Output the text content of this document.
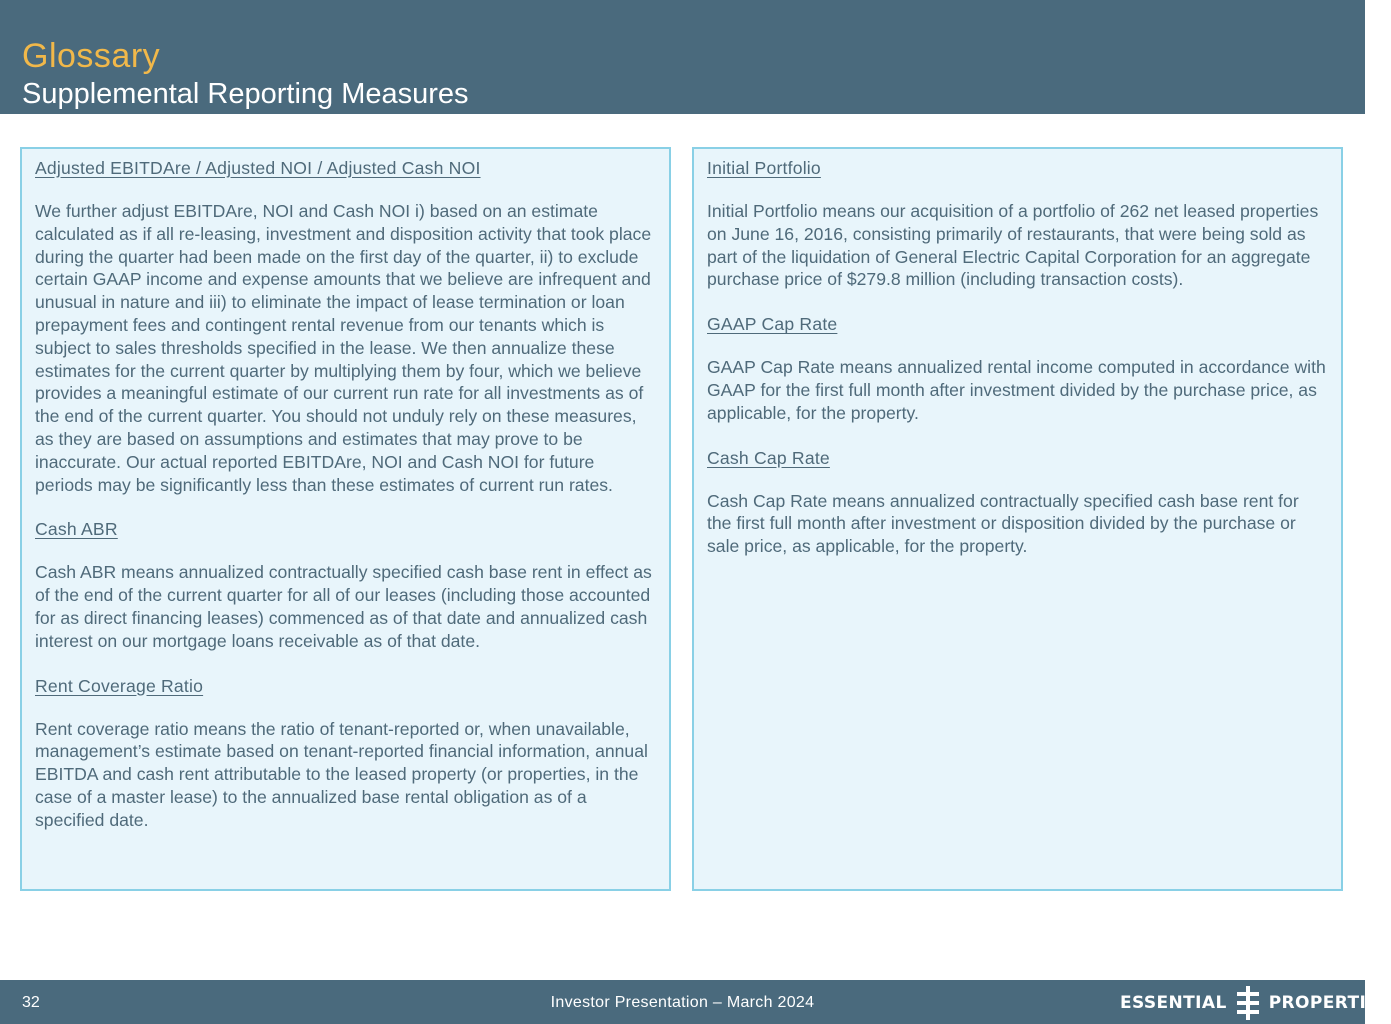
Glossary
Supplemental Reporting Measures
Adjusted EBITDAre / Adjusted NOI / Adjusted Cash NOI
We further adjust EBITDAre, NOI and Cash NOI i) based on an estimate calculated as if all re-leasing, investment and disposition activity that took place during the quarter had been made on the first day of the quarter, ii) to exclude certain GAAP income and expense amounts that we believe are infrequent and unusual in nature and iii) to eliminate the impact of lease termination or loan prepayment fees and contingent rental revenue from our tenants which is subject to sales thresholds specified in the lease. We then annualize these estimates for the current quarter by multiplying them by four, which we believe provides a meaningful estimate of our current run rate for all investments as of the end of the current quarter. You should not unduly rely on these measures, as they are based on assumptions and estimates that may prove to be inaccurate. Our actual reported EBITDAre, NOI and Cash NOI for future periods may be significantly less than these estimates of current run rates.
Cash ABR
Cash ABR means annualized contractually specified cash base rent in effect as of the end of the current quarter for all of our leases (including those accounted for as direct financing leases) commenced as of that date and annualized cash interest on our mortgage loans receivable as of that date.
Rent Coverage Ratio
Rent coverage ratio means the ratio of tenant-reported or, when unavailable, management’s estimate based on tenant-reported financial information, annual EBITDA and cash rent attributable to the leased property (or properties, in the case of a master lease) to the annualized base rental obligation as of a specified date.
Initial Portfolio
Initial Portfolio means our acquisition of a portfolio of 262 net leased properties on June 16, 2016, consisting primarily of restaurants, that were being sold as part of the liquidation of General Electric Capital Corporation for an aggregate purchase price of $279.8 million (including transaction costs).
GAAP Cap Rate
GAAP Cap Rate means annualized rental income computed in accordance with GAAP for the first full month after investment divided by the purchase price, as applicable, for the property.
Cash Cap Rate
Cash Cap Rate means annualized contractually specified cash base rent for the first full month after investment or disposition divided by the purchase or sale price, as applicable, for the property.
32	Investor Presentation – March 2024	ESSENTIAL PROPERTIES
